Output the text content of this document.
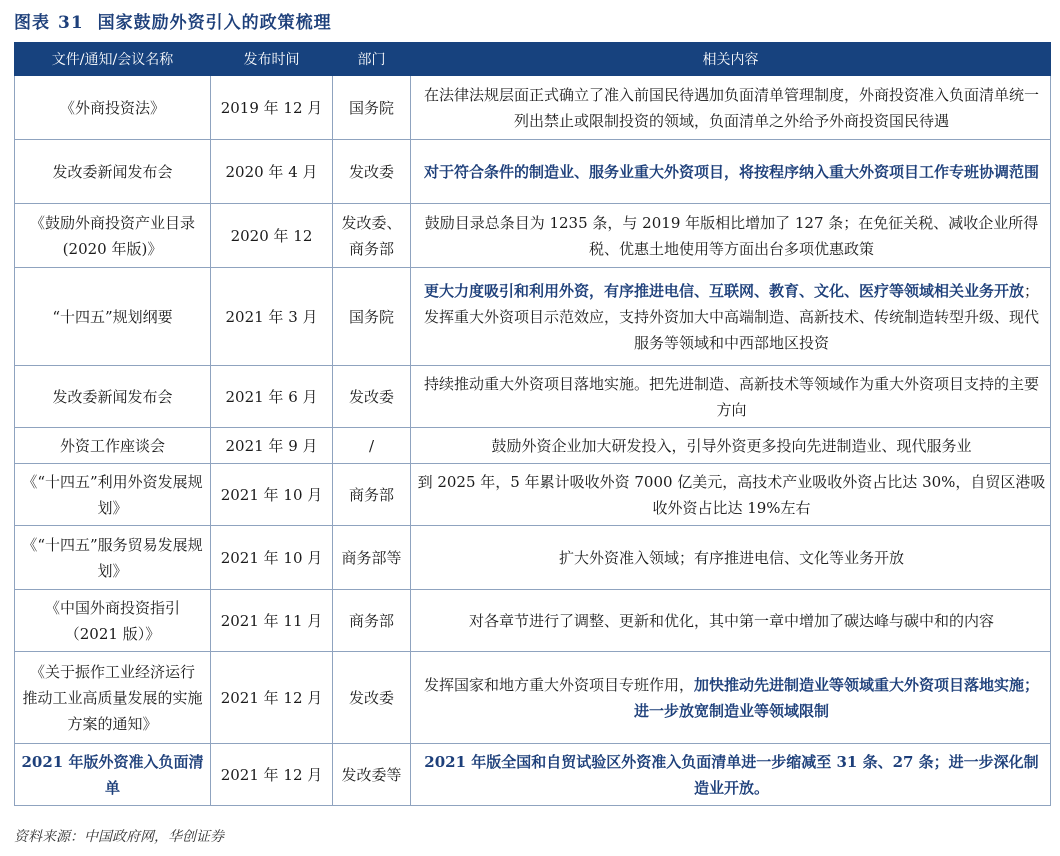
图表 31 国家鼓励外资引入的政策梳理
文件/通知/会议名称	发布时间	部门	相关内容
《外商投资法》	2019 年 12 月	国务院	在法律法规层面正式确立了准入前国民待遇加负面清单管理制度，外商投资准入负面清单统一列出禁止或限制投资的领域，负面清单之外给予外商投资国民待遇
发改委新闻发布会	2020 年 4 月	发改委	对于符合条件的制造业、服务业重大外资项目，将按程序纳入重大外资项目工作专班协调范围
《鼓励外商投资产业目录(2020 年版)》	2020 年 12	发改委、商务部	鼓励目录总条目为 1235 条，与 2019 年版相比增加了 127 条；在免征关税、减收企业所得税、优惠土地使用等方面出台多项优惠政策
“十四五”规划纲要	2021 年 3 月	国务院	更大力度吸引和利用外资，有序推进电信、互联网、教育、文化、医疗等领域相关业务开放；发挥重大外资项目示范效应，支持外资加大中高端制造、高新技术、传统制造转型升级、现代服务等领域和中西部地区投资
发改委新闻发布会	2021 年 6 月	发改委	持续推动重大外资项目落地实施。把先进制造、高新技术等领域作为重大外资项目支持的主要方向
外资工作座谈会	2021 年 9 月	/	鼓励外资企业加大研发投入，引导外资更多投向先进制造业、现代服务业
《“十四五”利用外资发展规划》	2021 年 10 月	商务部	到 2025 年，5 年累计吸收外资 7000 亿美元，高技术产业吸收外资占比达 30%，自贸区港吸收外资占比达 19%左右
《“十四五”服务贸易发展规划》	2021 年 10 月	商务部等	扩大外资准入领域；有序推进电信、文化等业务开放
《中国外商投资指引（2021 版）》	2021 年 11 月	商务部	对各章节进行了调整、更新和优化，其中第一章中增加了碳达峰与碳中和的内容
《关于振作工业经济运行 推动工业高质量发展的实施方案的通知》	2021 年 12 月	发改委	发挥国家和地方重大外资项目专班作用，加快推动先进制造业等领域重大外资项目落地实施；进一步放宽制造业等领域限制
2021 年版外资准入负面清单	2021 年 12 月	发改委等	2021 年版全国和自贸试验区外资准入负面清单进一步缩减至 31 条、27 条；进一步深化制造业开放。
资料来源：中国政府网，华创证券
